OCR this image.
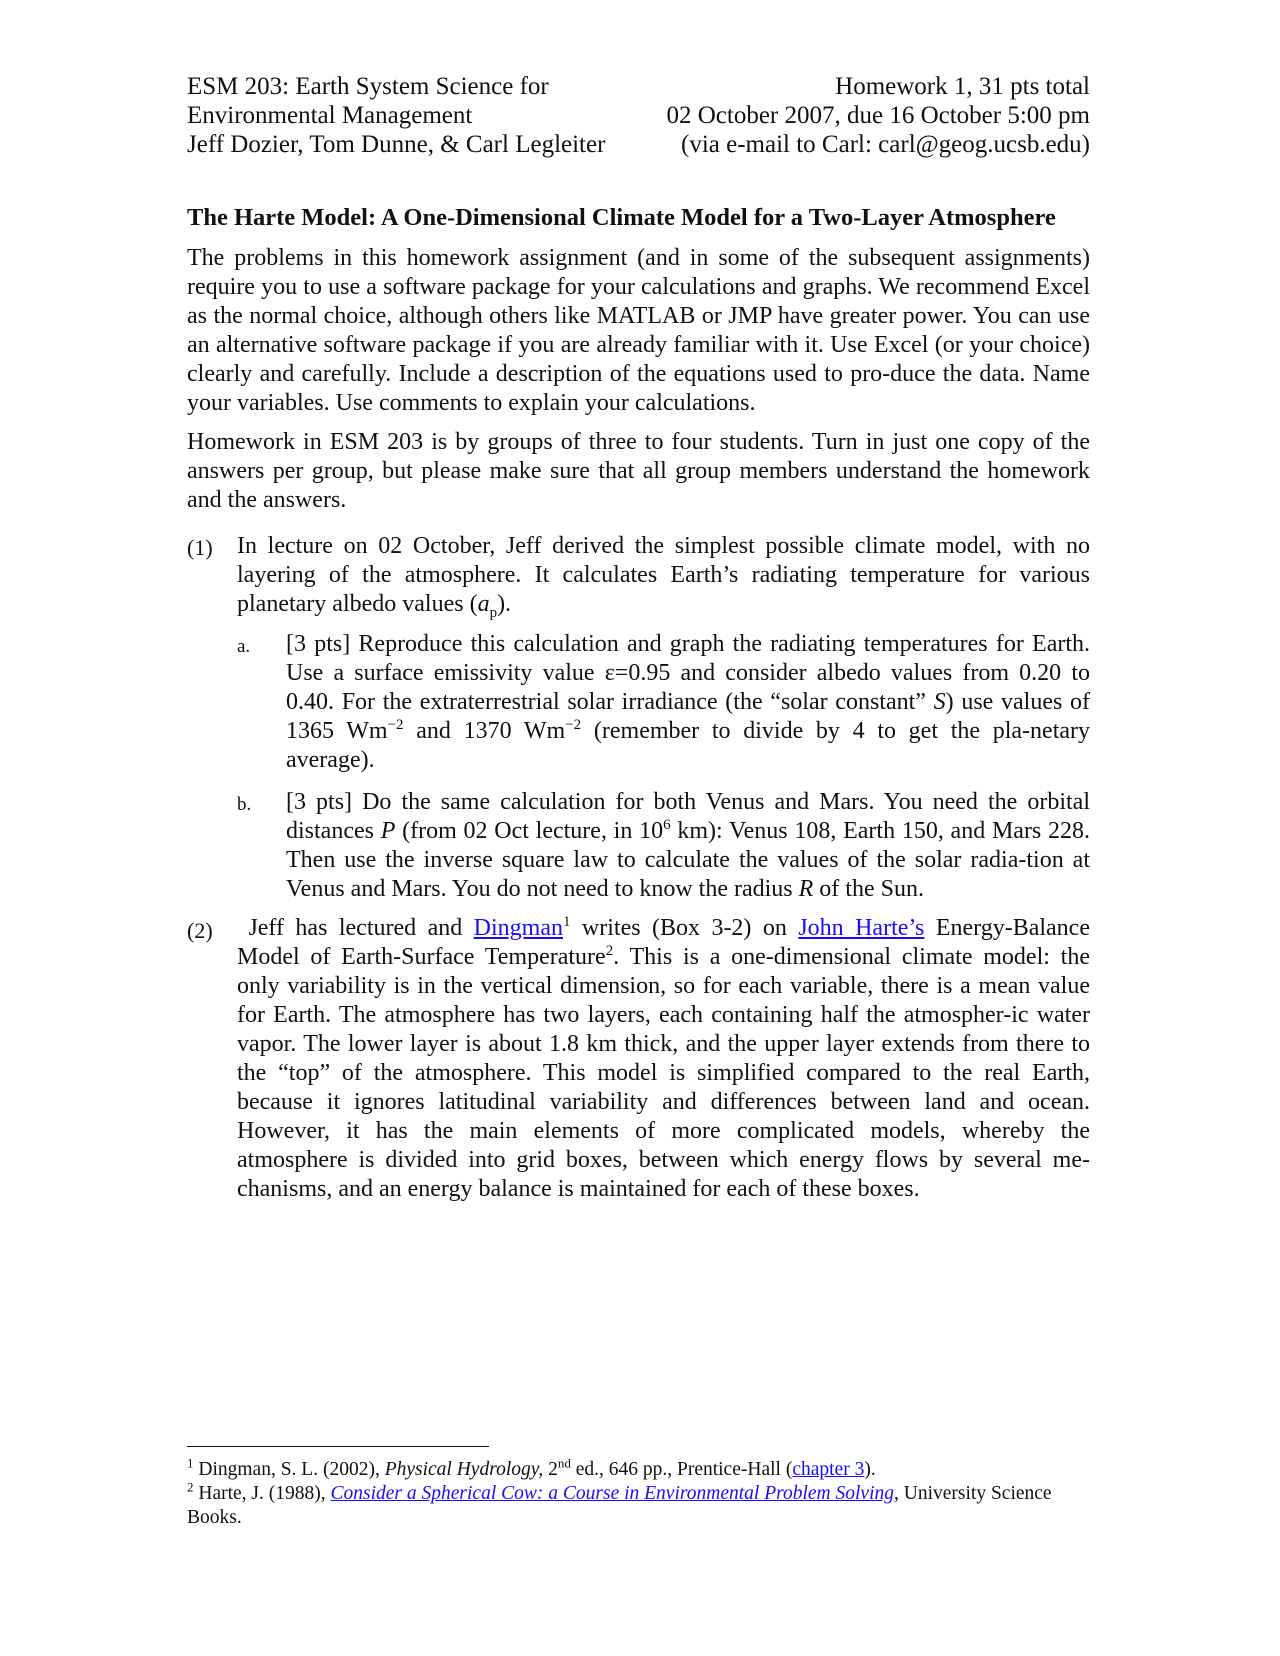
ESM 203: Earth System Science for
Environmental Management
Jeff Dozier, Tom Dunne, & Carl Legleiter
Homework 1, 31 pts total
02 October 2007, due 16 October 5:00 pm
(via e-mail to Carl: carl@geog.ucsb.edu)
The Harte Model: A One-Dimensional Climate Model for a Two-Layer Atmosphere
The problems in this homework assignment (and in some of the subsequent assignments) require you to use a software package for your calculations and graphs. We recommend Excel as the normal choice, although others like MATLAB or JMP have greater power. You can use an alternative software package if you are already familiar with it. Use Excel (or your choice) clearly and carefully. Include a description of the equations used to pro-duce the data. Name your variables. Use comments to explain your calculations.
Homework in ESM 203 is by groups of three to four students. Turn in just one copy of the answers per group, but please make sure that all group members understand the homework and the answers.
(1) In lecture on 02 October, Jeff derived the simplest possible climate model, with no layering of the atmosphere. It calculates Earth’s radiating temperature for various planetary albedo values $(a_p)$.
a. [3 pts] Reproduce this calculation and graph the radiating temperatures for Earth. Use a surface emissivity value ε=0.95 and consider albedo values from 0.20 to 0.40. For the extraterrestrial solar irradiance (the “solar constant” S) use values of 1365 $Wm^{-2}$ and 1370 $Wm^{-2}$ (remember to divide by 4 to get the pla-netary average).
b. [3 pts] Do the same calculation for both Venus and Mars. You need the orbital distances P (from 02 Oct lecture, in $10^6$ km): Venus 108, Earth 150, and Mars 228. Then use the inverse square law to calculate the values of the solar radia-tion at Venus and Mars. You do not need to know the radius R of the Sun.
(2)	Jeff has lectured and Dingman$^1$ writes (Box 3-2) on John Harte’s Energy-Balance Model of Earth-Surface Temperature$^2$. This is a one-dimensional climate model: the only variability is in the vertical dimension, so for each variable, there is a mean value for Earth. The atmosphere has two layers, each containing half the atmospher-ic water vapor. The lower layer is about 1.8 km thick, and the upper layer extends from there to the “top” of the atmosphere. This model is simplified compared to the real Earth, because it ignores latitudinal variability and differences between land and ocean. However, it has the main elements of more complicated models, whereby the atmosphere is divided into grid boxes, between which energy flows by several me-chanisms, and an energy balance is maintained for each of these boxes.
$^1$ Dingman, S. L. (2002), Physical Hydrology, 2nd ed., 646 pp., Prentice-Hall (chapter 3).
$^2$ Harte, J. (1988), Consider a Spherical Cow: a Course in Environmental Problem Solving, University Science Books.
